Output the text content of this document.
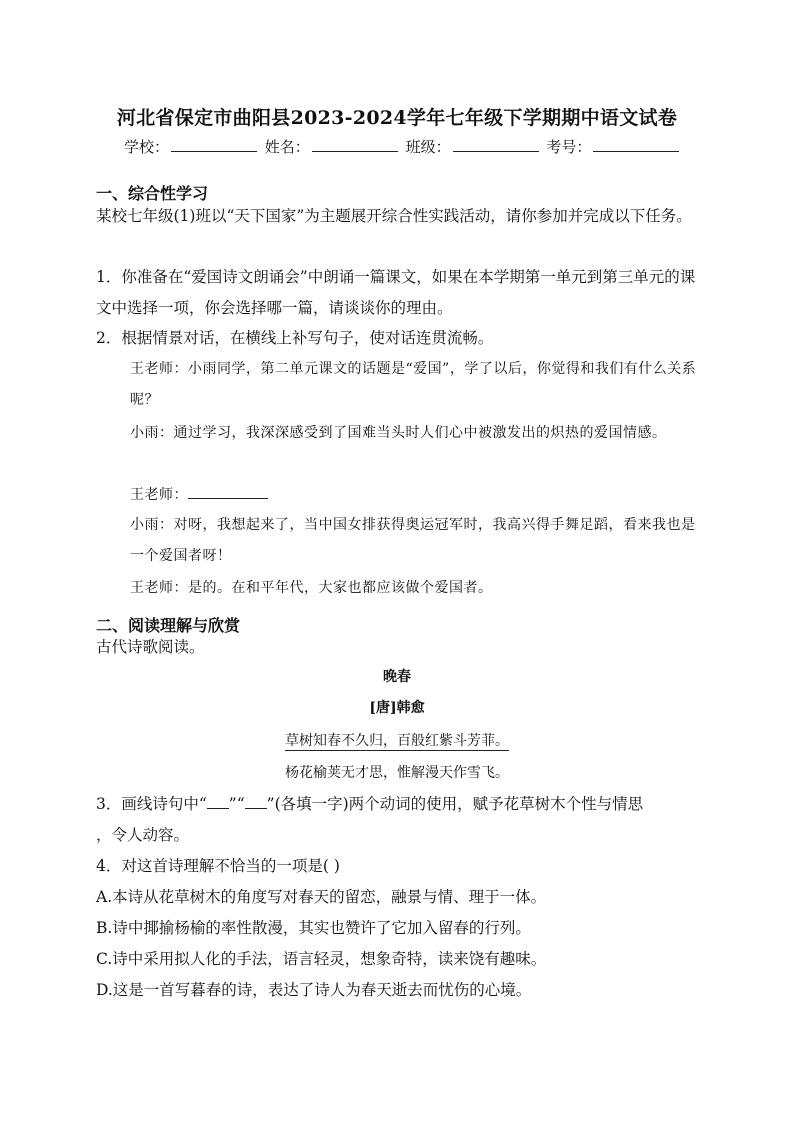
河北省保定市曲阳县2023-2024学年七年级下学期期中语文试卷
学校：	姓名：	班级：	考号：
一、综合性学习
某校七年级(1)班以“天下国家”为主题展开综合性实践活动，请你参加并完成以下任务。
1．你准备在“爱国诗文朗诵会”中朗诵一篇课文，如果在本学期第一单元到第三单元的课文中选择一项，你会选择哪一篇，请谈谈你的理由。
2．根据情景对话，在横线上补写句子，使对话连贯流畅。
王老师：小雨同学，第二单元课文的话题是“爱国”，学了以后，你觉得和我们有什么关系呢？
小雨：通过学习，我深深感受到了国难当头时人们心中被激发出的炽热的爱国情感。
王老师：
小雨：对呀，我想起来了，当中国女排获得奥运冠军时，我高兴得手舞足蹈，看来我也是一个爱国者呀！
王老师：是的。在和平年代，大家也都应该做个爱国者。
二、阅读理解与欣赏
古代诗歌阅读。
晚春
[唐]韩愈
草树知春不久归，百般红紫斗芳菲。
杨花榆荚无才思，惟解漫天作雪飞。
3．画线诗句中“ ”“ ”(各填一字)两个动词的使用，赋予花草树木个性与情思
，令人动容。
4．对这首诗理解不恰当的一项是( )
A.本诗从花草树木的角度写对春天的留恋，融景与情、理于一体。
B.诗中揶揄杨榆的率性散漫，其实也赞许了它加入留春的行列。
C.诗中采用拟人化的手法，语言轻灵，想象奇特，读来饶有趣味。
D.这是一首写暮春的诗，表达了诗人为春天逝去而忧伤的心境。
